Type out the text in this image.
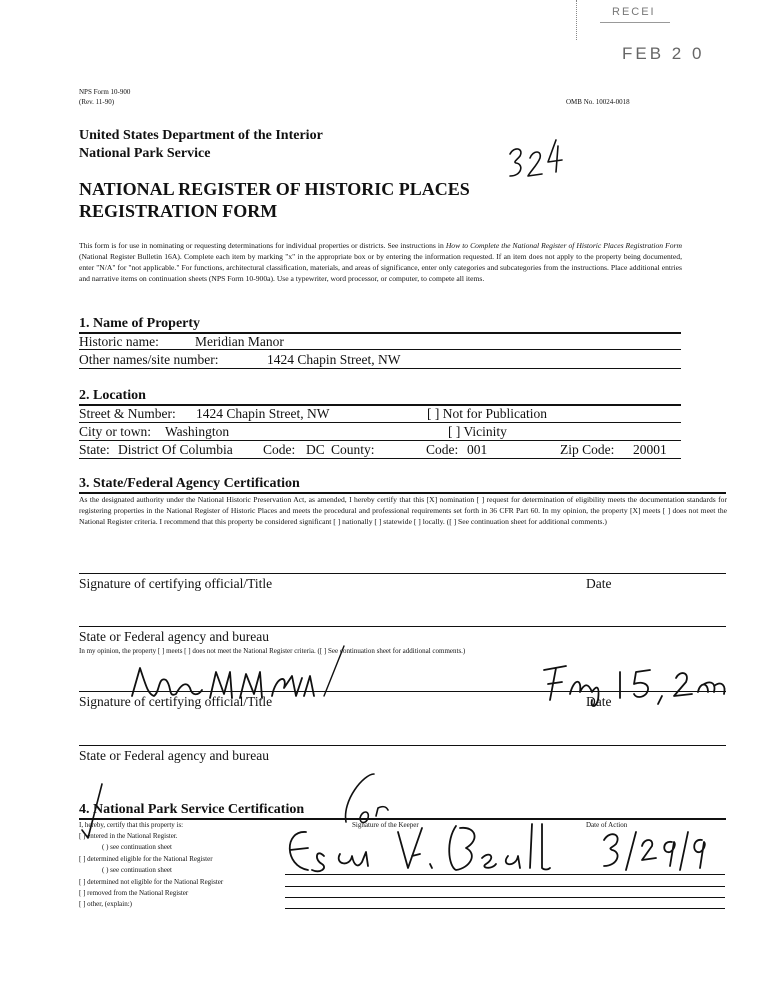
RECEI
FEB 2 0
NPS Form 10-900
(Rev. 11-90)	OMB No. 10024-0018
United States Department of the Interior
National Park Service
NATIONAL REGISTER OF HISTORIC PLACES
REGISTRATION FORM
This form is for use in nominating or requesting determinations for individual properties or districts. See instructions in How to Complete the National Register of Historic Places Registration Form (National Register Bulletin 16A). Complete each item by marking "x" in the appropriate box or by entering the information requested. If an item does not apply to the property being documented, enter "N/A" for "not applicable." For functions, architectural classification, materials, and areas of significance, enter only categories and subcategories from the instructions. Place additional entries and narrative items on continuation sheets (NPS Form 10-900a). Use a typewriter, word processor, or computer, to compete all items.
1. Name of Property
Historic name:	Meridian Manor
Other names/site number:	1424 Chapin Street, NW
2. Location
Street & Number: 1424 Chapin Street, NW	[ ] Not for Publication
City or town: Washington	[ ] Vicinity
State: District Of Columbia Code: DC County:	Code: 001	Zip Code: 20001
3. State/Federal Agency Certification
As the designated authority under the National Historic Preservation Act, as amended, I hereby certify that this [X] nomination [ ] request for determination of eligibility meets the documentation standards for registering properties in the National Register of Historic Places and meets the procedural and professional requirements set forth in 36 CFR Part 60. In my opinion, the property [X] meets [ ] does not meet the National Register criteria. I recommend that this property be considered significant [ ] nationally [ ] statewide [ ] locally. ([ ] See continuation sheet for additional comments.)
Signature of certifying official/Title	Date
State or Federal agency and bureau
In my opinion, the property [ ] meets [ ] does not meet the National Register criteria. ([ ] See continuation sheet for additional comments.)
Signature of certifying official/Title	Date
State or Federal agency and bureau
4. National Park Service Certification
I, hereby, certify that this property is:	Signature of the Keeper	Date of Action
[ ] entered in the National Register.
( ) see continuation sheet
[ ] determined eligible for the National Register
( ) see continuation sheet
[ ] determined not eligible for the National Register
[ ] removed from the National Register
[ ] other, (explain:)
